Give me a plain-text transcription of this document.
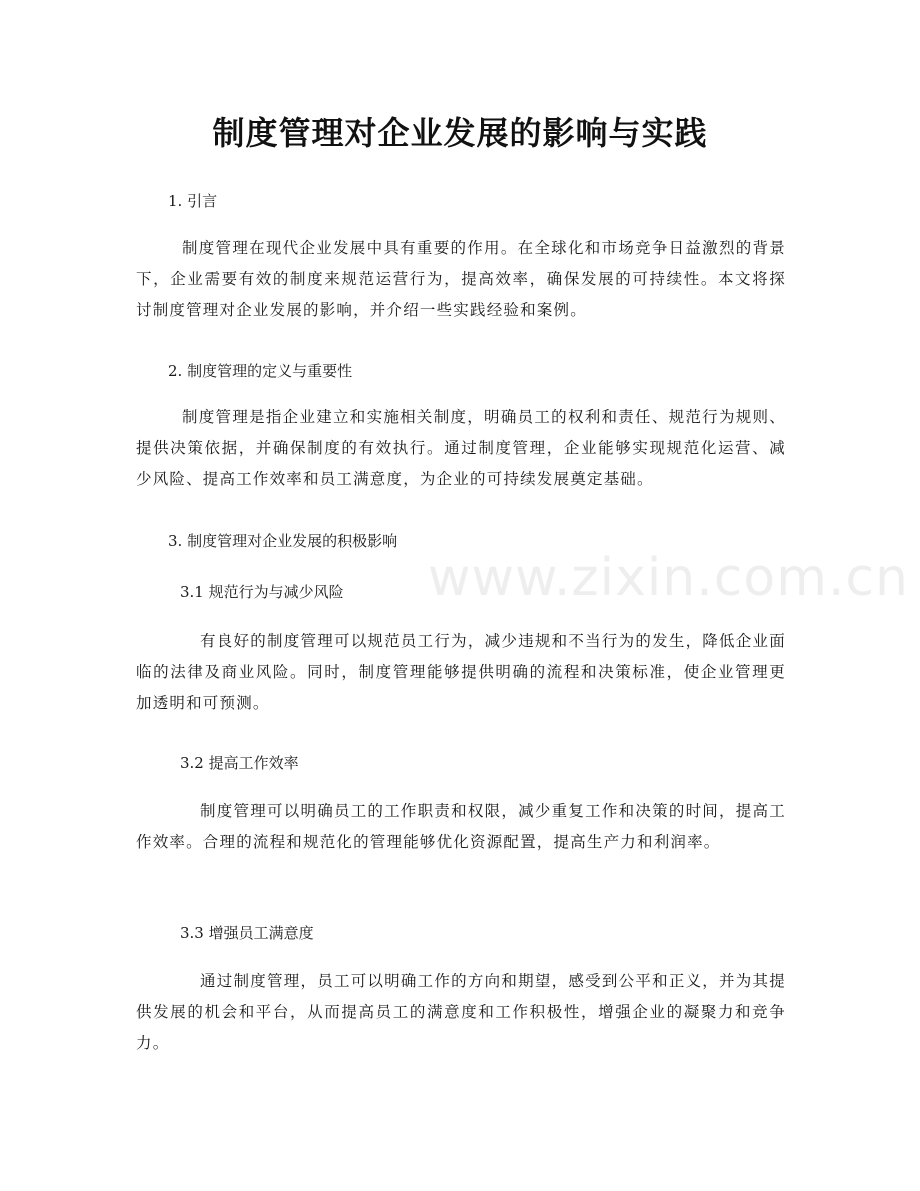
制度管理对企业发展的影响与实践
www.zixin.com.cn
1. 引言

制度管理在现代企业发展中具有重要的作用。在全球化和市场竞争日益激烈的背景下，企业需要有效的制度来规范运营行为，提高效率，确保发展的可持续性。本文将探讨制度管理对企业发展的影响，并介绍一些实践经验和案例。

2. 制度管理的定义与重要性

制度管理是指企业建立和实施相关制度，明确员工的权利和责任、规范行为规则、提供决策依据，并确保制度的有效执行。通过制度管理，企业能够实现规范化运营、减少风险、提高工作效率和员工满意度，为企业的可持续发展奠定基础。

3. 制度管理对企业发展的积极影响
3.1 规范行为与减少风险

有良好的制度管理可以规范员工行为，减少违规和不当行为的发生，降低企业面临的法律及商业风险。同时，制度管理能够提供明确的流程和决策标准，使企业管理更加透明和可预测。

3.2 提高工作效率

制度管理可以明确员工的工作职责和权限，减少重复工作和决策的时间，提高工作效率。合理的流程和规范化的管理能够优化资源配置，提高生产力和利润率。

3.3 增强员工满意度

通过制度管理，员工可以明确工作的方向和期望，感受到公平和正义，并为其提供发展的机会和平台，从而提高员工的满意度和工作积极性，增强企业的凝聚力和竞争力。
